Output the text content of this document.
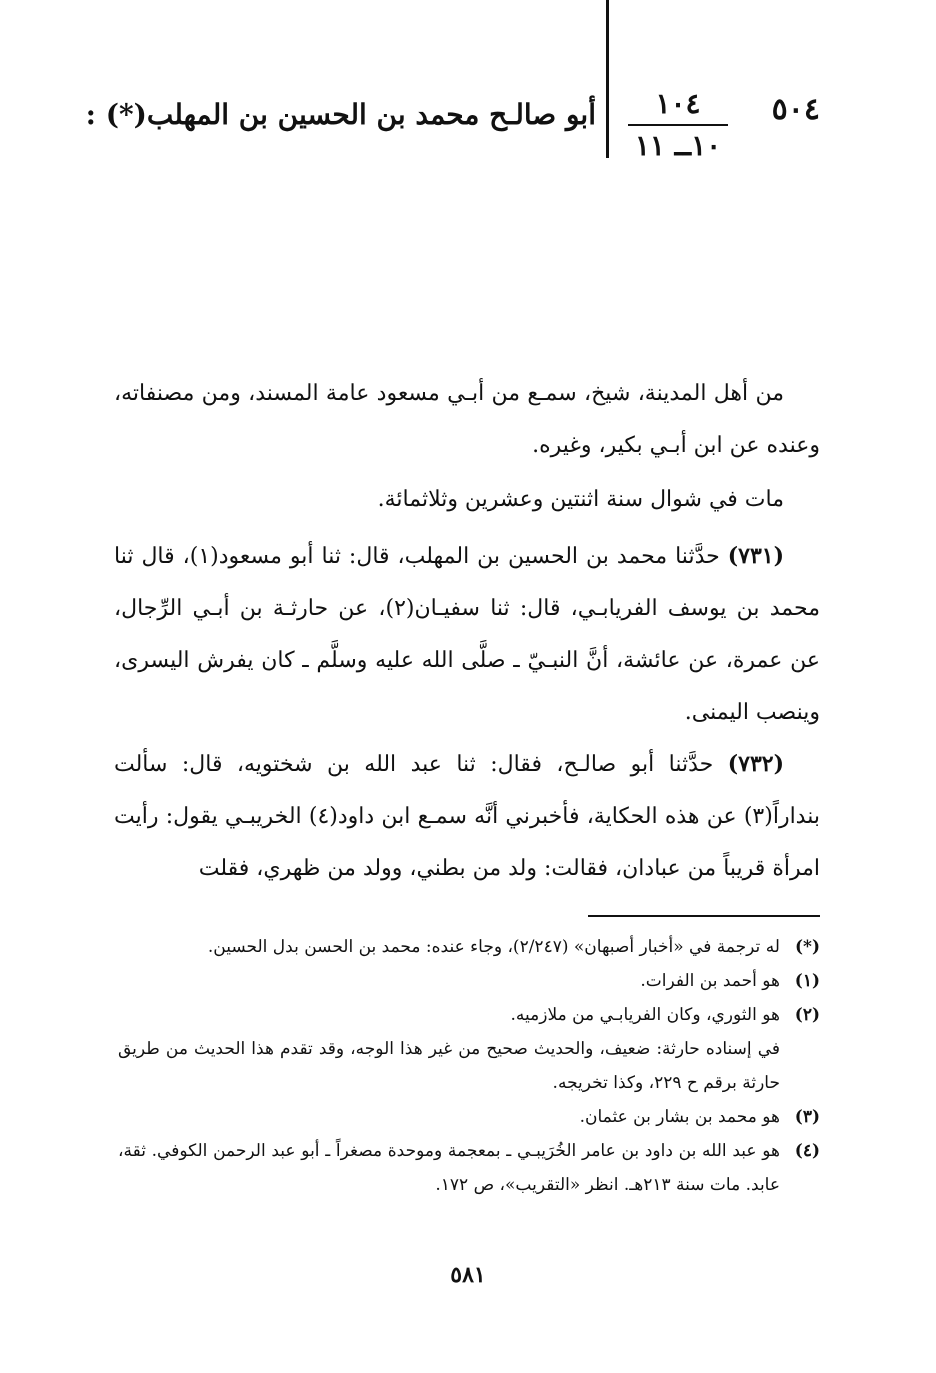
٥٠٤
١٠٤
١٠ــ ١١
أبو صالـح محمد بن الحسين بن المهلب(*) :
من أهل المدينة، شيخ، سمـع من أبـي مسعود عامة المسند، ومن مصنفاته، وعنده عن ابن أبـي بكير، وغيره.
مات في شوال سنة اثنتين وعشرين وثلاثمائة.
(٧٣١) حدَّثنا محمد بن الحسين بن المهلب، قال: ثنا أبو مسعود(١)، قال ثنا محمد بن يوسف الفريابـي، قال: ثنا سفيـان(٢)، عن حارثـة بن أبـي الرِّجال، عن عمرة، عن عائشة، أنَّ النبـيّ ـ صلَّى الله عليه وسلَّم ـ كان يفرش اليسرى، وينصب اليمنى.
(٧٣٢) حدَّثنا أبو صالـح، فقال: ثنا عبد الله بن شختويه، قال: سألت بنداراً(٣) عن هذه الحكاية، فأخبرني أنَّه سمـع ابن داود(٤) الخريبـي يقول: رأيت امرأة قريباً من عبادان، فقالت: ولد من بطني، وولد من ظهري، فقلت
(*)
له ترجمة في «أخبار أصبهان» (٢/٢٤٧)، وجاء عنده: محمد بن الحسن بدل الحسين.
(١)
هو أحمد بن الفرات.
(٢)
هو الثوري، وكان الفريابـي من ملازميه.
في إسناده حارثة: ضعيف، والحديث صحيح من غير هذا الوجه، وقد تقدم هذا الحديث من طريق حارثة برقم ح ٢٢٩، وكذا تخريجه.
(٣)
هو محمد بن بشار بن عثمان.
(٤)
هو عبد الله بن داود بن عامر الخُرَيبـي ـ بمعجمة وموحدة مصغراً ـ أبو عبد الرحمن الكوفي. ثقة، عابد. مات سنة ٢١٣هـ. انظر «التقريب»، ص ١٧٢.
٥٨١
